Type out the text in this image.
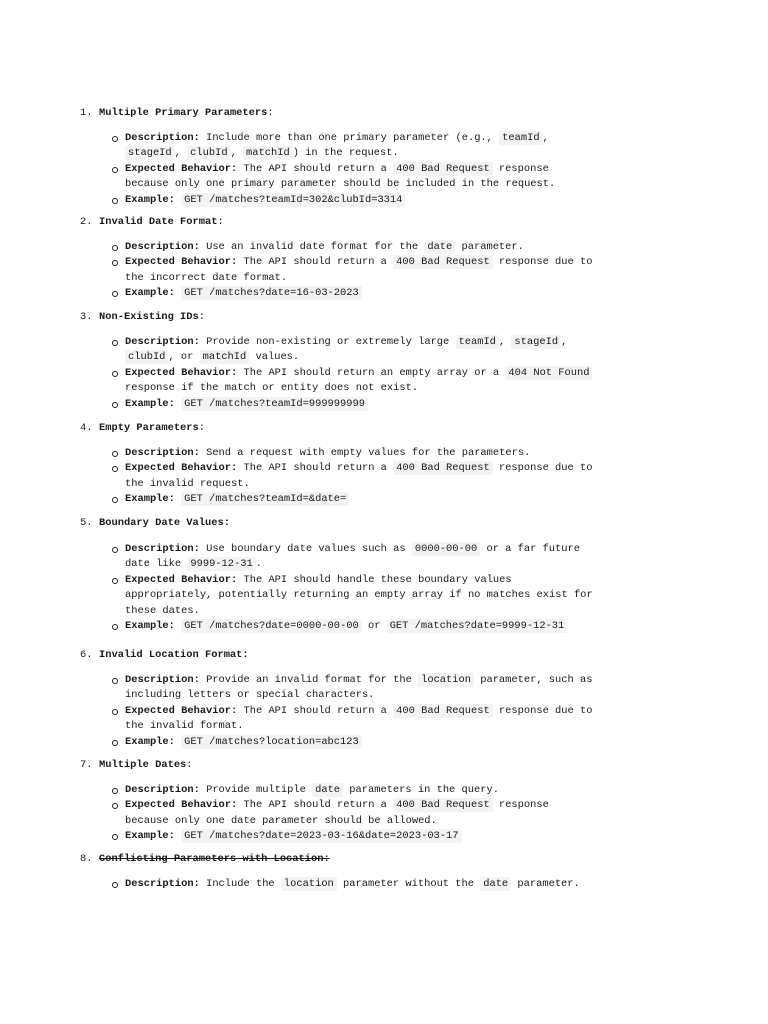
1. Multiple Primary Parameters:
Description: Include more than one primary parameter (e.g., teamId , stageId , clubId , matchId ) in the request.
Expected Behavior: The API should return a 400 Bad Request response because only one primary parameter should be included in the request.
Example: GET /matches?teamId=302&clubId=3314
2. Invalid Date Format:
Description: Use an invalid date format for the date parameter.
Expected Behavior: The API should return a 400 Bad Request response due to the incorrect date format.
Example: GET /matches?date=16-03-2023
3. Non-Existing IDs:
Description: Provide non-existing or extremely large teamId , stageId , clubId , or matchId values.
Expected Behavior: The API should return an empty array or a 404 Not Found response if the match or entity does not exist.
Example: GET /matches?teamId=999999999
4. Empty Parameters:
Description: Send a request with empty values for the parameters.
Expected Behavior: The API should return a 400 Bad Request response due to the invalid request.
Example: GET /matches?teamId=&date=
5. Boundary Date Values:
Description: Use boundary date values such as 0000-00-00 or a far future date like 9999-12-31 .
Expected Behavior: The API should handle these boundary values appropriately, potentially returning an empty array if no matches exist for these dates.
Example: GET /matches?date=0000-00-00 or GET /matches?date=9999-12-31
6. Invalid Location Format:
Description: Provide an invalid format for the location parameter, such as including letters or special characters.
Expected Behavior: The API should return a 400 Bad Request response due to the invalid format.
Example: GET /matches?location=abc123
7. Multiple Dates:
Description: Provide multiple date parameters in the query.
Expected Behavior: The API should return a 400 Bad Request response because only one date parameter should be allowed.
Example: GET /matches?date=2023-03-16&date=2023-03-17
8. Conflicting Parameters with Location:
Description: Include the location parameter without the date parameter.
